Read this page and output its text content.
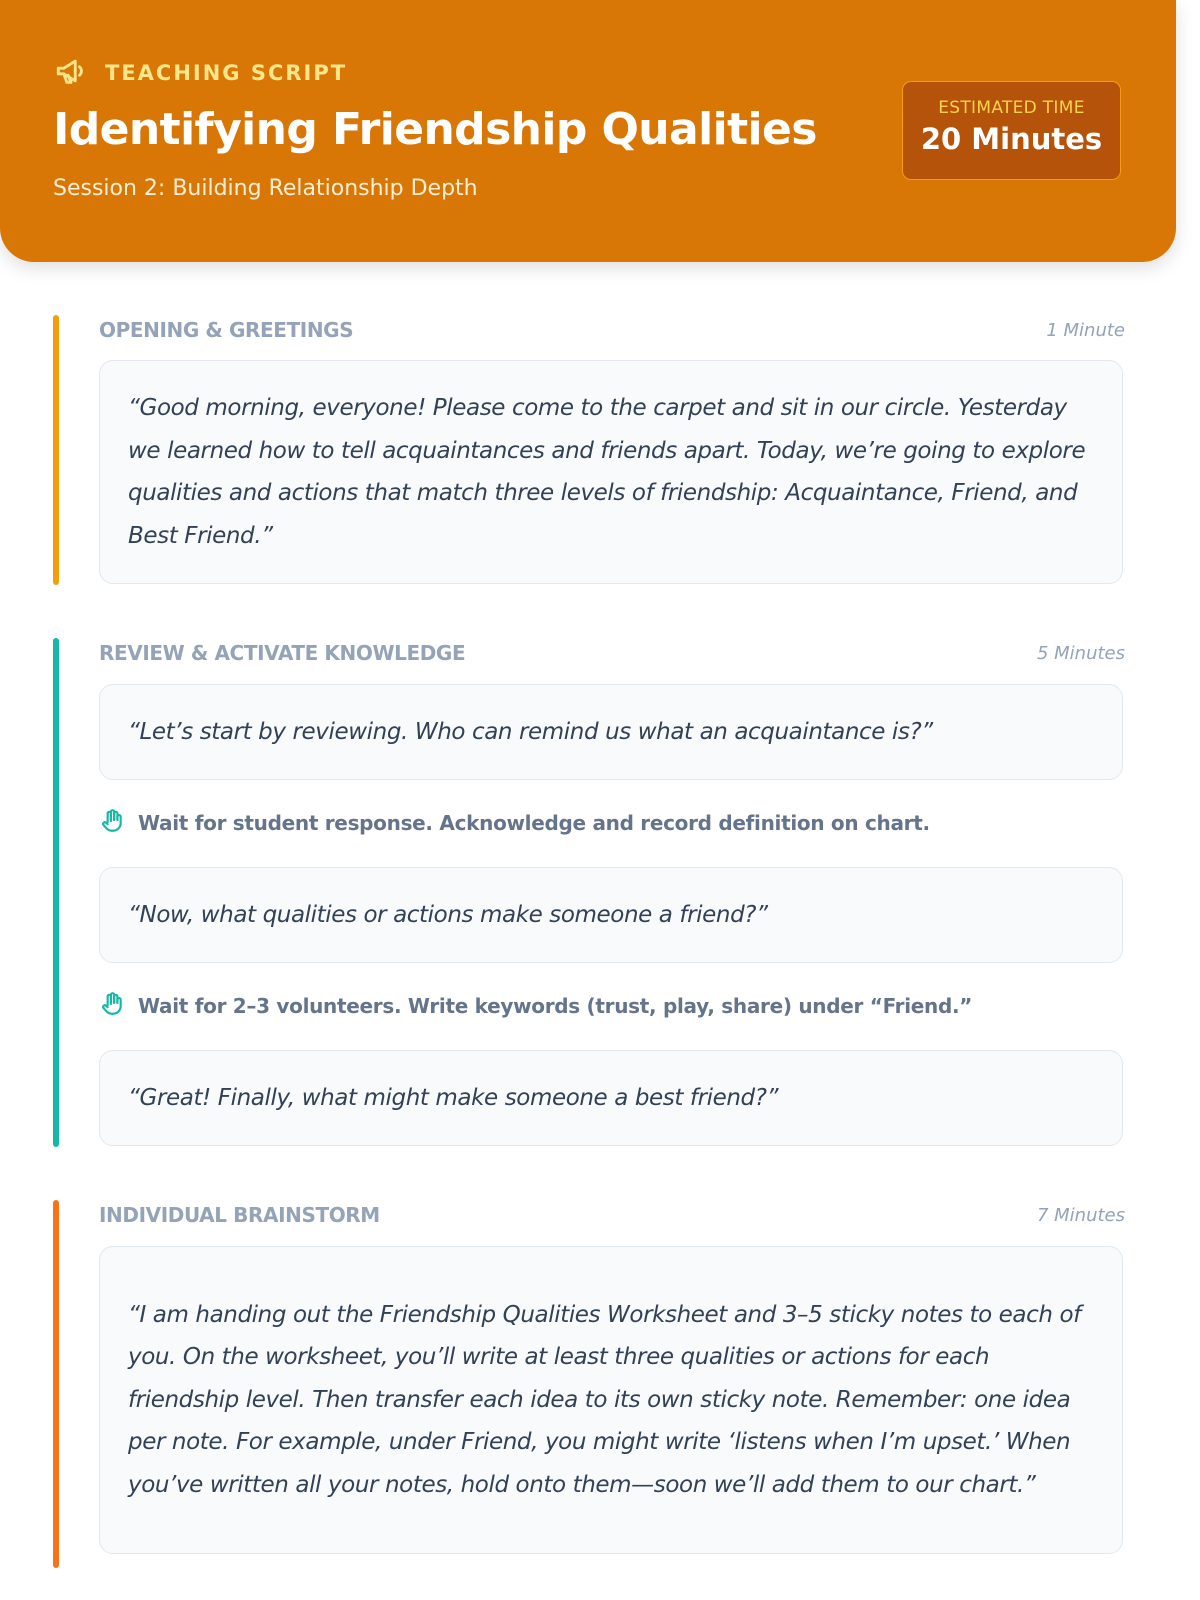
TEACHING SCRIPT
Identifying Friendship Qualities
Session 2: Building Relationship Depth
ESTIMATED TIME
20 Minutes
OPENING & GREETINGS	1 Minute
“Good morning, everyone! Please come to the carpet and sit in our circle. Yesterday we learned how to tell acquaintances and friends apart. Today, we’re going to explore qualities and actions that match three levels of friendship: Acquaintance, Friend, and Best Friend.”
REVIEW & ACTIVATE KNOWLEDGE	5 Minutes
“Let’s start by reviewing. Who can remind us what an acquaintance is?”
Wait for student response. Acknowledge and record definition on chart.
“Now, what qualities or actions make someone a friend?”
Wait for 2–3 volunteers. Write keywords (trust, play, share) under “Friend.”
“Great! Finally, what might make someone a best friend?”
INDIVIDUAL BRAINSTORM	7 Minutes
“I am handing out the Friendship Qualities Worksheet and 3–5 sticky notes to each of you. On the worksheet, you’ll write at least three qualities or actions for each friendship level. Then transfer each idea to its own sticky note. Remember: one idea per note. For example, under Friend, you might write ‘listens when I’m upset.’ When you’ve written all your notes, hold onto them—soon we’ll add them to our chart.”
